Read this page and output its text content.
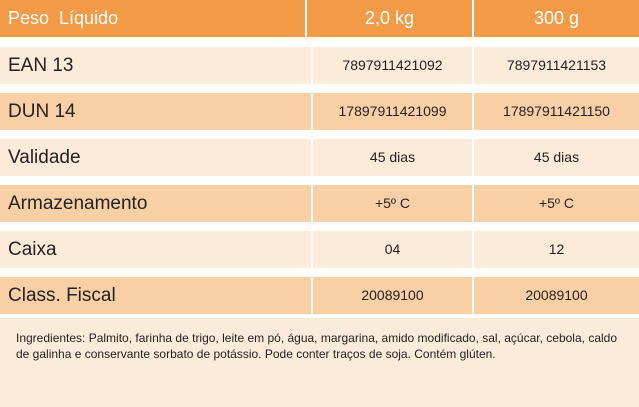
Peso  Líquido	2,0 kg	300 g
EAN 13	7897911421092	7897911421153
DUN 14	17897911421099	17897911421150
Validade	45 dias	45 dias
Armazenamento	+5º C	+5º C
Caixa	04	12
Class. Fiscal	20089100	20089100

Ingredientes: Palmito, farinha de trigo, leite em pó, água, margarina, amido modificado, sal, açúcar, cebola, caldo de galinha e conservante sorbato de potássio. Pode conter traços de soja. Contém glúten.
